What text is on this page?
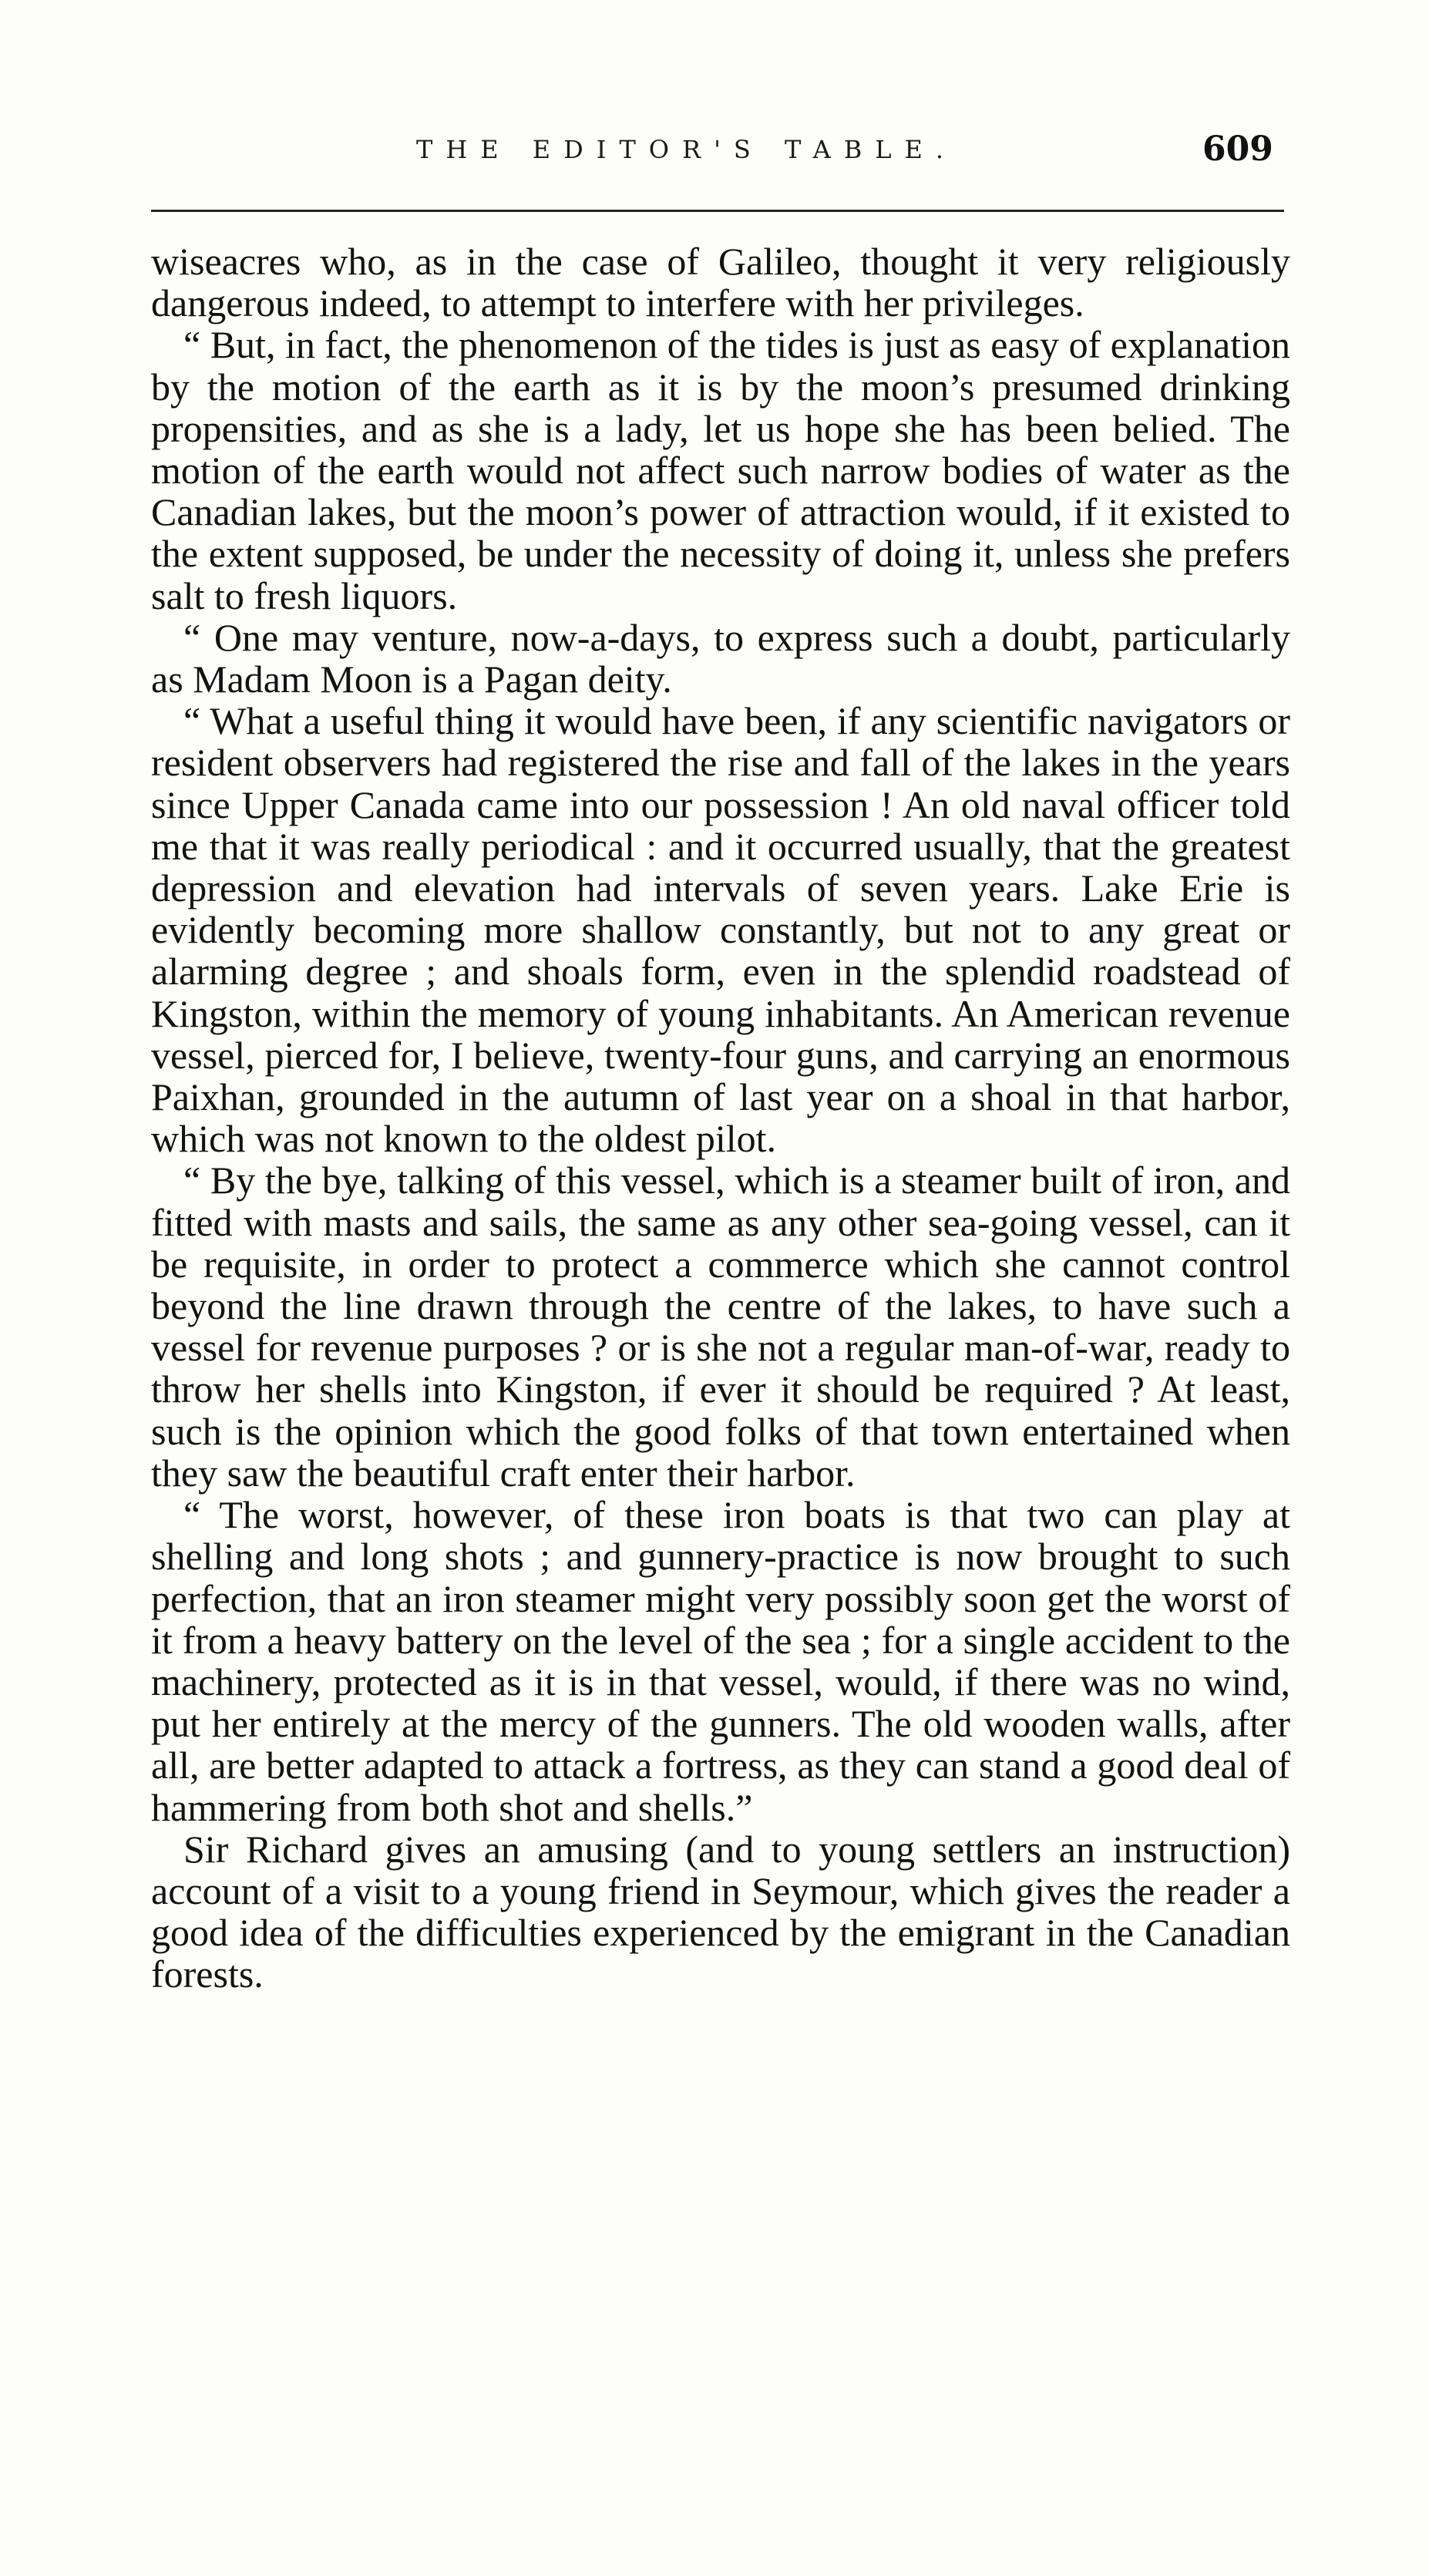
THE EDITOR'S TABLE.	609

wiseacres who, as in the case of Galileo, thought it very religiously dangerous indeed, to attempt to interfere with her privileges.

“ But, in fact, the phenomenon of the tides is just as easy of explanation by the motion of the earth as it is by the moon’s presumed drinking propensities, and as she is a lady, let us hope she has been belied. The motion of the earth would not affect such narrow bodies of water as the Canadian lakes, but the moon’s power of attraction would, if it existed to the extent supposed, be under the necessity of doing it, unless she prefers salt to fresh liquors.

“ One may venture, now-a-days, to express such a doubt, particularly as Madam Moon is a Pagan deity.

“ What a useful thing it would have been, if any scientific navigators or resident observers had registered the rise and fall of the lakes in the years since Upper Canada came into our possession ! An old naval officer told me that it was really periodical : and it occurred usually, that the greatest depression and elevation had intervals of seven years. Lake Erie is evidently becoming more shallow constantly, but not to any great or alarming degree ; and shoals form, even in the splendid roadstead of Kingston, within the memory of young inhabitants. An American revenue vessel, pierced for, I believe, twenty-four guns, and carrying an enormous Paixhan, grounded in the autumn of last year on a shoal in that harbor, which was not known to the oldest pilot.

“ By the bye, talking of this vessel, which is a steamer built of iron, and fitted with masts and sails, the same as any other sea-going vessel, can it be requisite, in order to protect a commerce which she cannot control beyond the line drawn through the centre of the lakes, to have such a vessel for revenue purposes ? or is she not a regular man-of-war, ready to throw her shells into Kingston, if ever it should be required ? At least, such is the opinion which the good folks of that town entertained when they saw the beautiful craft enter their harbor.

“ The worst, however, of these iron boats is that two can play at shelling and long shots ; and gunnery-practice is now brought to such perfection, that an iron steamer might very possibly soon get the worst of it from a heavy battery on the level of the sea ; for a single accident to the machinery, protected as it is in that vessel, would, if there was no wind, put her entirely at the mercy of the gunners. The old wooden walls, after all, are better adapted to attack a fortress, as they can stand a good deal of hammering from both shot and shells.”

Sir Richard gives an amusing (and to young settlers an instruction) account of a visit to a young friend in Seymour, which gives the reader a good idea of the difficulties experienced by the emigrant in the Canadian forests.
